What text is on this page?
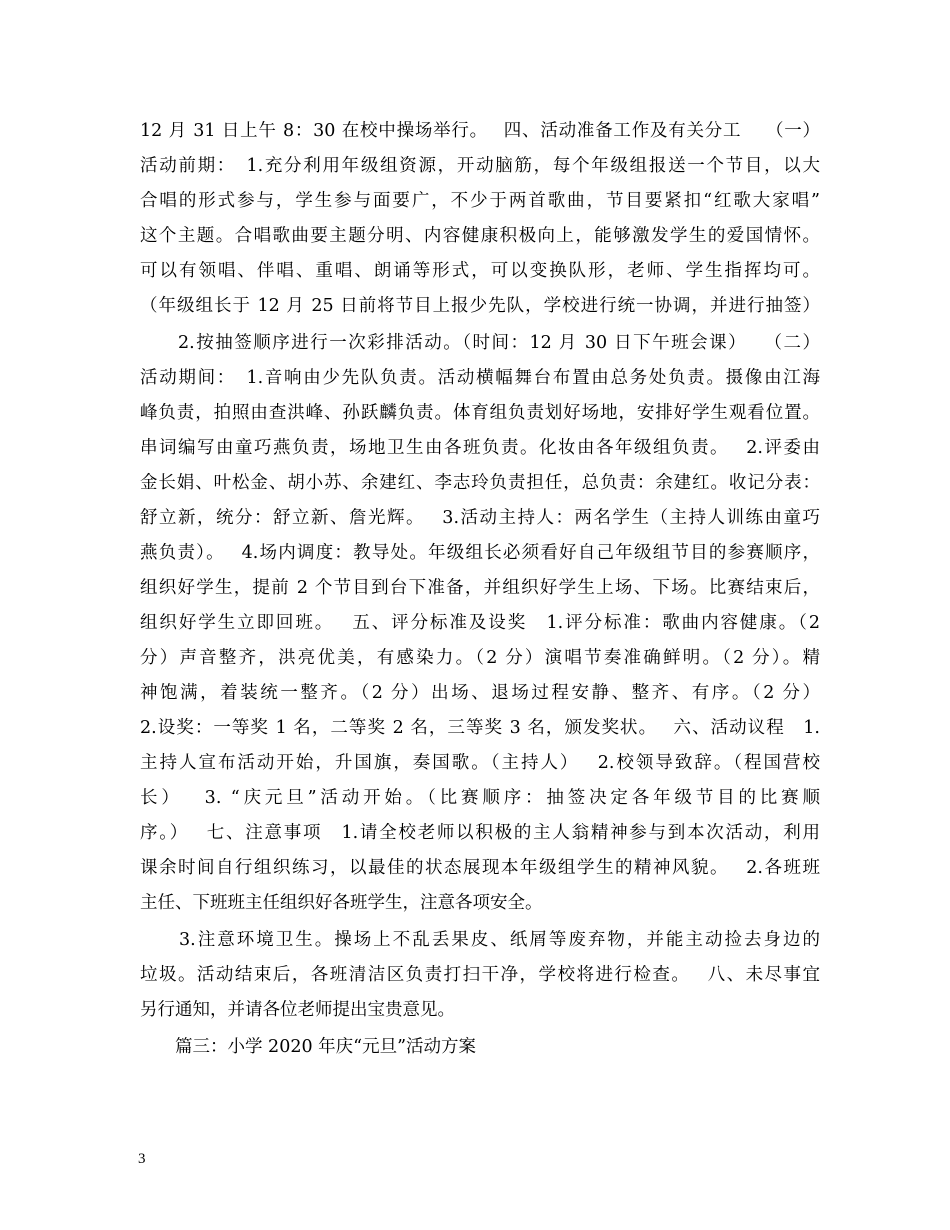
12 月 31 日上午 8：30 在校中操场举行。　 四、活动准备工作及有关分工　 （一）
活动前期：　1.充分利用年级组资源，开动脑筋，每个年级组报送一个节目，以大
合唱的形式参与，学生参与面要广，不少于两首歌曲，节目要紧扣“红歌大家唱”
这个主题。合唱歌曲要主题分明、内容健康积极向上，能够激发学生的爱国情怀。
可以有领唱、伴唱、重唱、朗诵等形式，可以变换队形，老师、学生指挥均可。
（年级组长于 12 月 25 日前将节目上报少先队，学校进行统一协调，并进行抽签）
　　2.按抽签顺序进行一次彩排活动。（时间：12 月 30 日下午班会课）　 （二）
活动期间：　1.音响由少先队负责。活动横幅舞台布置由总务处负责。摄像由江海
峰负责，拍照由查洪峰、孙跃麟负责。体育组负责划好场地，安排好学生观看位置。
串词编写由童巧燕负责，场地卫生由各班负责。化妆由各年级组负责。　 2.评委由
金长娟、叶松金、胡小苏、余建红、李志玲负责担任，总负责：余建红。收记分表：
舒立新，统分：舒立新、詹光辉。　 3.活动主持人：两名学生（主持人训练由童巧
燕负责）。　 4.场内调度：教导处。年级组长必须看好自己年级组节目的参赛顺序，
组织好学生，提前 2 个节目到台下准备，并组织好学生上场、下场。比赛结束后，
组织好学生立即回班。　 五、评分标准及设奖　1.评分标准：歌曲内容健康。（2
分）声音整齐，洪亮优美，有感染力。（2 分）演唱节奏准确鲜明。（2 分）。精
神饱满，着装统一整齐。（2 分）出场、退场过程安静、整齐、有序。（2 分）
2.设奖：一等奖 1 名，二等奖 2 名，三等奖 3 名，颁发奖状。　 六、活动议程　1.
主持人宣布活动开始，升国旗，奏国歌。（主持人）　 2.校领导致辞。（程国营校
长）　 3. “庆元旦”活动开始。（比赛顺序：抽签决定各年级节目的比赛顺
序。）　 七、注意事项　1.请全校老师以积极的主人翁精神参与到本次活动，利用
课余时间自行组织练习，以最佳的状态展现本年级组学生的精神风貌。　 2.各班班
主任、下班班主任组织好各班学生，注意各项安全。
　　3.注意环境卫生。操场上不乱丢果皮、纸屑等废弃物，并能主动捡去身边的
垃圾。活动结束后，各班清洁区负责打扫干净，学校将进行检查。　 八、未尽事宜
另行通知，并请各位老师提出宝贵意见。
　　篇三：小学 2020 年庆“元旦”活动方案
3
